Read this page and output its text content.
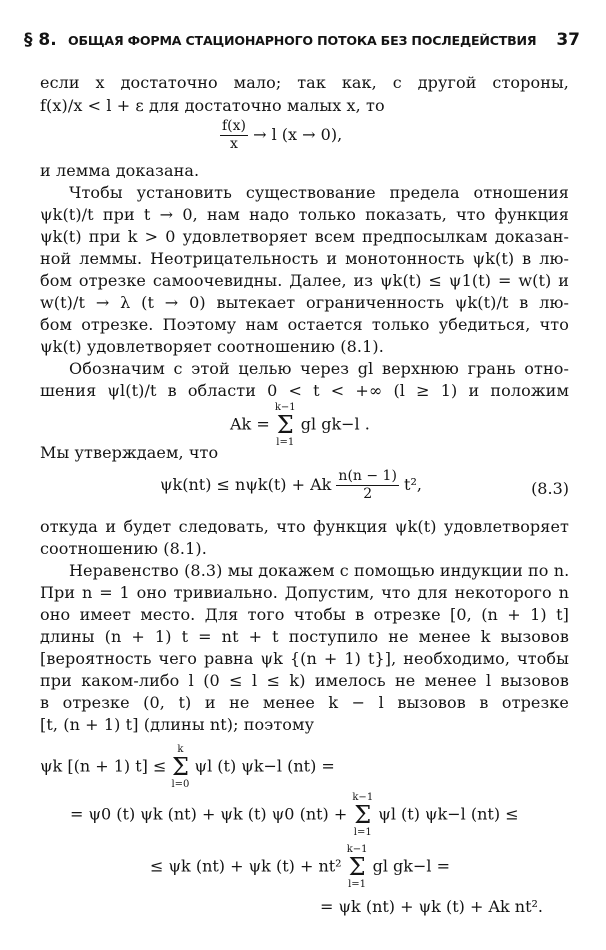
§ 8. ОБЩАЯ ФОРМА СТАЦИОНАРНОГО ПОТОКА БЕЗ ПОСЛЕДЕЙСТВИЯ 37
если x достаточно мало; так как, с другой стороны,
f(x)/x < l + ε для достаточно малых x, то
$\frac{f(x)}{x} \to l$ (x → 0),
и лемма доказана.
Чтобы установить существование предела отношения
ψk(t)/t при t → 0, нам надо только показать, что функция
ψk(t) при k > 0 удовлетворяет всем предпосылкам доказан-
ной леммы. Неотрицательность и монотонность ψk(t) в лю-
бом отрезке самоочевидны. Далее, из ψk(t) ≤ ψ1(t) = w(t) и
w(t)/t → λ (t → 0) вытекает ограниченность ψk(t)/t в лю-
бом отрезке. Поэтому нам остается только убедиться, что
ψk(t) удовлетворяет соотношению (8.1).
Обозначим с этой целью через gl верхнюю грань отно-
шения ψl(t)/t в области 0 < t < +∞ (l ≥ 1) и положим
Ak =
k−1
Σ
l=1
gl gk−l .
Мы утверждаем, что
ψk(nt) ≤ nψk(t) + Ak $\frac{n(n - 1)}{2} t^2$,	(8.3)
откуда и будет следовать, что функция ψk(t) удовлетворяет
соотношению (8.1).
Неравенство (8.3) мы докажем с помощью индукции по n.
При n = 1 оно тривиально. Допустим, что для некоторого n
оно имеет место. Для того чтобы в отрезке [0, (n + 1) t]
длины (n + 1) t = nt + t поступило не менее k вызовов
[вероятность чего равна ψk {(n + 1) t}], необходимо, чтобы
при каком-либо l (0 ≤ l ≤ k) имелось не менее l вызовов
в отрезке (0, t) и не менее k − l вызовов в отрезке
[t, (n + 1) t] (длины nt); поэтому
ψk [(n + 1) t] ≤
k
Σ
l=0
ψl (t) ψk−l (nt) =
= ψ0 (t) ψk (nt) + ψk (t) ψ0 (nt) +
k−1
Σ
l=1
ψl (t) ψk−l (nt) ≤
≤ ψk (nt) + ψk (t) + nt²
k−1
Σ
l=1
gl gk−l =
= ψk (nt) + ψk (t) + Ak nt².
